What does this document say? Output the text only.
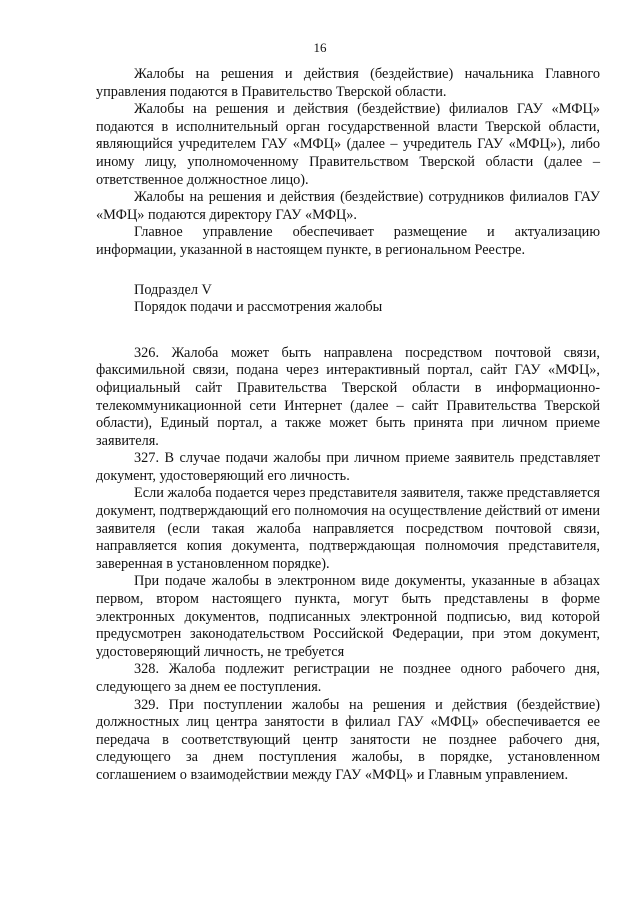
16

Жалобы на решения и действия (бездействие) начальника Главного управления подаются в Правительство Тверской области.

Жалобы на решения и действия (бездействие) филиалов ГАУ «МФЦ» подаются в исполнительный орган государственной власти Тверской области, являющийся учредителем ГАУ «МФЦ» (далее – учредитель ГАУ «МФЦ»), либо иному лицу, уполномоченному Правительством Тверской области (далее – ответственное должностное лицо).

Жалобы на решения и действия (бездействие) сотрудников филиалов ГАУ «МФЦ» подаются директору ГАУ «МФЦ».

Главное управление обеспечивает размещение и актуализацию информации, указанной в настоящем пункте, в региональном Реестре.

Подраздел V

Порядок подачи и рассмотрения жалобы

326. Жалоба может быть направлена посредством почтовой связи, факсимильной связи, подана через интерактивный портал, сайт ГАУ «МФЦ», официальный сайт Правительства Тверской области в информационно-телекоммуникационной сети Интернет (далее – сайт Правительства Тверской области), Единый портал, а также может быть принята при личном приеме заявителя.

327. В случае подачи жалобы при личном приеме заявитель представляет документ, удостоверяющий его личность.

Если жалоба подается через представителя заявителя, также представляется документ, подтверждающий его полномочия на осуществление действий от имени заявителя (если такая жалоба направляется посредством почтовой связи, направляется копия документа, подтверждающая полномочия представителя, заверенная в установленном порядке).

При подаче жалобы в электронном виде документы, указанные в абзацах первом, втором настоящего пункта, могут быть представлены в форме электронных документов, подписанных электронной подписью, вид которой предусмотрен законодательством Российской Федерации, при этом документ, удостоверяющий личность, не требуется

328. Жалоба подлежит регистрации не позднее одного рабочего дня, следующего за днем ее поступления.

329. При поступлении жалобы на решения и действия (бездействие) должностных лиц центра занятости в филиал ГАУ «МФЦ» обеспечивается ее передача в соответствующий центр занятости не позднее рабочего дня, следующего за днем поступления жалобы, в порядке, установленном соглашением о взаимодействии между ГАУ «МФЦ» и Главным управлением.
